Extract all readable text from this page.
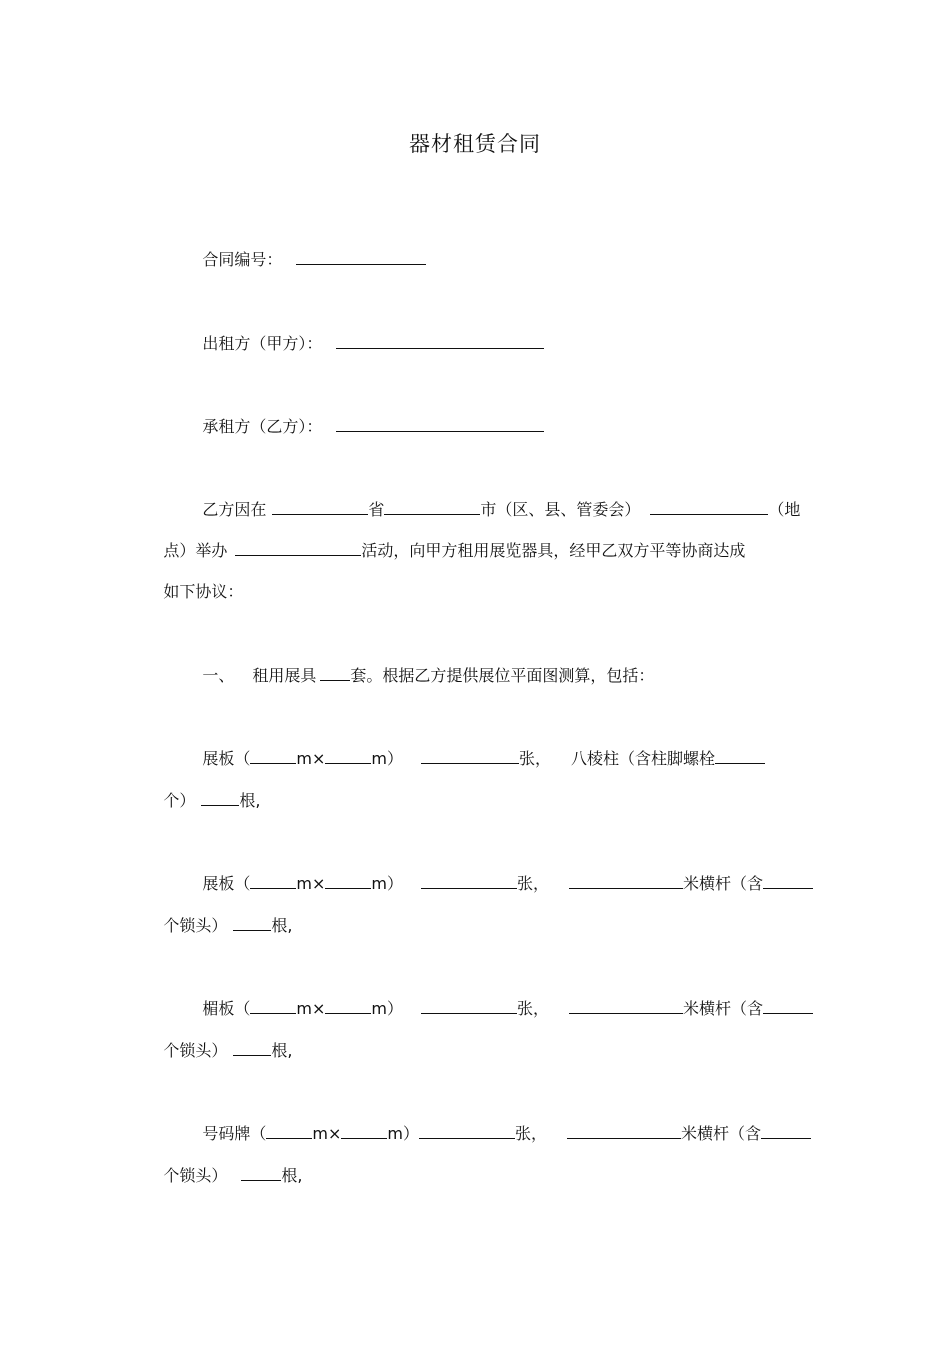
器材租赁合同

合同编号：

出租方（甲方）：

承租方（乙方）：

乙方因在	省	市（区、县、管委会）	（地

点）举办	活动，向甲方租用展览器具，经甲乙双方平等协商达成

如下协议：

一、 租用展具 套。根据乙方提供展位平面图测算，包括：

展板（	m×	m）	张， 八棱柱（含柱脚螺栓

个）	根,

展板（	m×	m）	张，	米横杆（含

个锁头）	根,

楣板（	m×	m）	张，	米横杆（含

个锁头）	根,

号码牌（	m×	m）	张，	米横杆（含

个锁头）	根,
